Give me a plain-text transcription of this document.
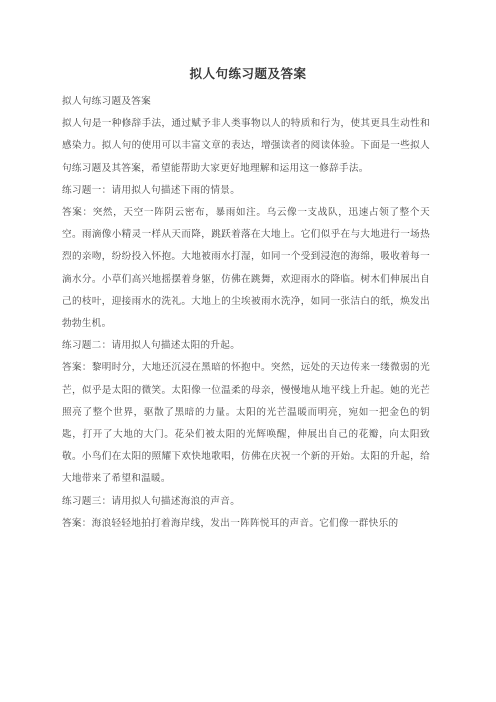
拟人句练习题及答案

拟人句练习题及答案

拟人句是一种修辞手法，通过赋予非人类事物以人的特质和行为，使其更具生动性和感染力。拟人句的使用可以丰富文章的表达，增强读者的阅读体验。下面是一些拟人句练习题及其答案，希望能帮助大家更好地理解和运用这一修辞手法。

练习题一：请用拟人句描述下雨的情景。

答案：突然，天空一阵阴云密布，暴雨如注。乌云像一支战队，迅速占领了整个天空。雨滴像小精灵一样从天而降，跳跃着落在大地上。它们似乎在与大地进行一场热烈的亲吻，纷纷投入怀抱。大地被雨水打湿，如同一个受到浸泡的海绵，吸收着每一滴水分。小草们高兴地摇摆着身躯，仿佛在跳舞，欢迎雨水的降临。树木们伸展出自己的枝叶，迎接雨水的洗礼。大地上的尘埃被雨水洗净，如同一张洁白的纸，焕发出勃勃生机。

练习题二：请用拟人句描述太阳的升起。

答案：黎明时分，大地还沉浸在黑暗的怀抱中。突然，远处的天边传来一缕微弱的光芒，似乎是太阳的微笑。太阳像一位温柔的母亲，慢慢地从地平线上升起。她的光芒照亮了整个世界，驱散了黑暗的力量。太阳的光芒温暖而明亮，宛如一把金色的钥匙，打开了大地的大门。花朵们被太阳的光辉唤醒，伸展出自己的花瓣，向太阳致敬。小鸟们在太阳的照耀下欢快地歌唱，仿佛在庆祝一个新的开始。太阳的升起，给大地带来了希望和温暖。

练习题三：请用拟人句描述海浪的声音。

答案：海浪轻轻地拍打着海岸线，发出一阵阵悦耳的声音。它们像一群快乐的
